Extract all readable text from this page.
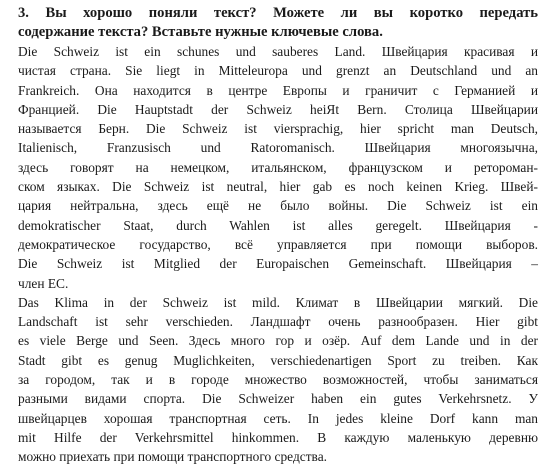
3. Вы хорошо поняли текст? Можете ли вы коротко передать
содержание текста? Вставьте нужные ключевые слова.
Die Schweiz ist ein schunes und sauberes Land. Швейцария красивая и
чистая страна. Sie liegt in Mitteleuropa und grenzt an Deutschland und an
Frankreich. Она находится в центре Европы и граничит с Германией и
Францией. Die Hauptstadt der Schweiz heiЯt Bern. Столица Швейцарии
называется Берн. Die Schweiz ist viersprachig, hier spricht man Deutsch,
Italienisch, Franzusisch und Ratoromanisch. Швейцария многоязычна,
здесь говорят на немецком, итальянском, французском и ретороман-
ском языках. Die Schweiz ist neutral, hier gab es noch keinen Krieg. Швей-
цария нейтральна, здесь ещё не было войны. Die Schweiz ist ein
demokratischer Staat, durch Wahlen ist alles geregelt. Швейцария -
демократическое государство, всё управляется при помощи выборов.
Die Schweiz ist Mitglied der Europaischen Gemeinschaft. Швейцария –
член ЕС.
Das Klima in der Schweiz ist mild. Климат в Швейцарии мягкий. Die
Landschaft ist sehr verschieden. Ландшафт очень разнообразен. Hier gibt
es viele Berge und Seen. Здесь много гор и озёр. Auf dem Lande und in der
Stadt gibt es genug Muglichkeiten, verschiedenartigen Sport zu treiben. Как
за городом, так и в городе множество возможностей, чтобы заниматься
разными видами спорта. Die Schweizer haben ein gutes Verkehrsnetz. У
швейцарцев хорошая транспортная сеть. In jedes kleine Dorf kann man
mit Hilfe der Verkehrsmittel hinkommen. В каждую маленькую деревню
можно приехать при помощи транспортного средства.
